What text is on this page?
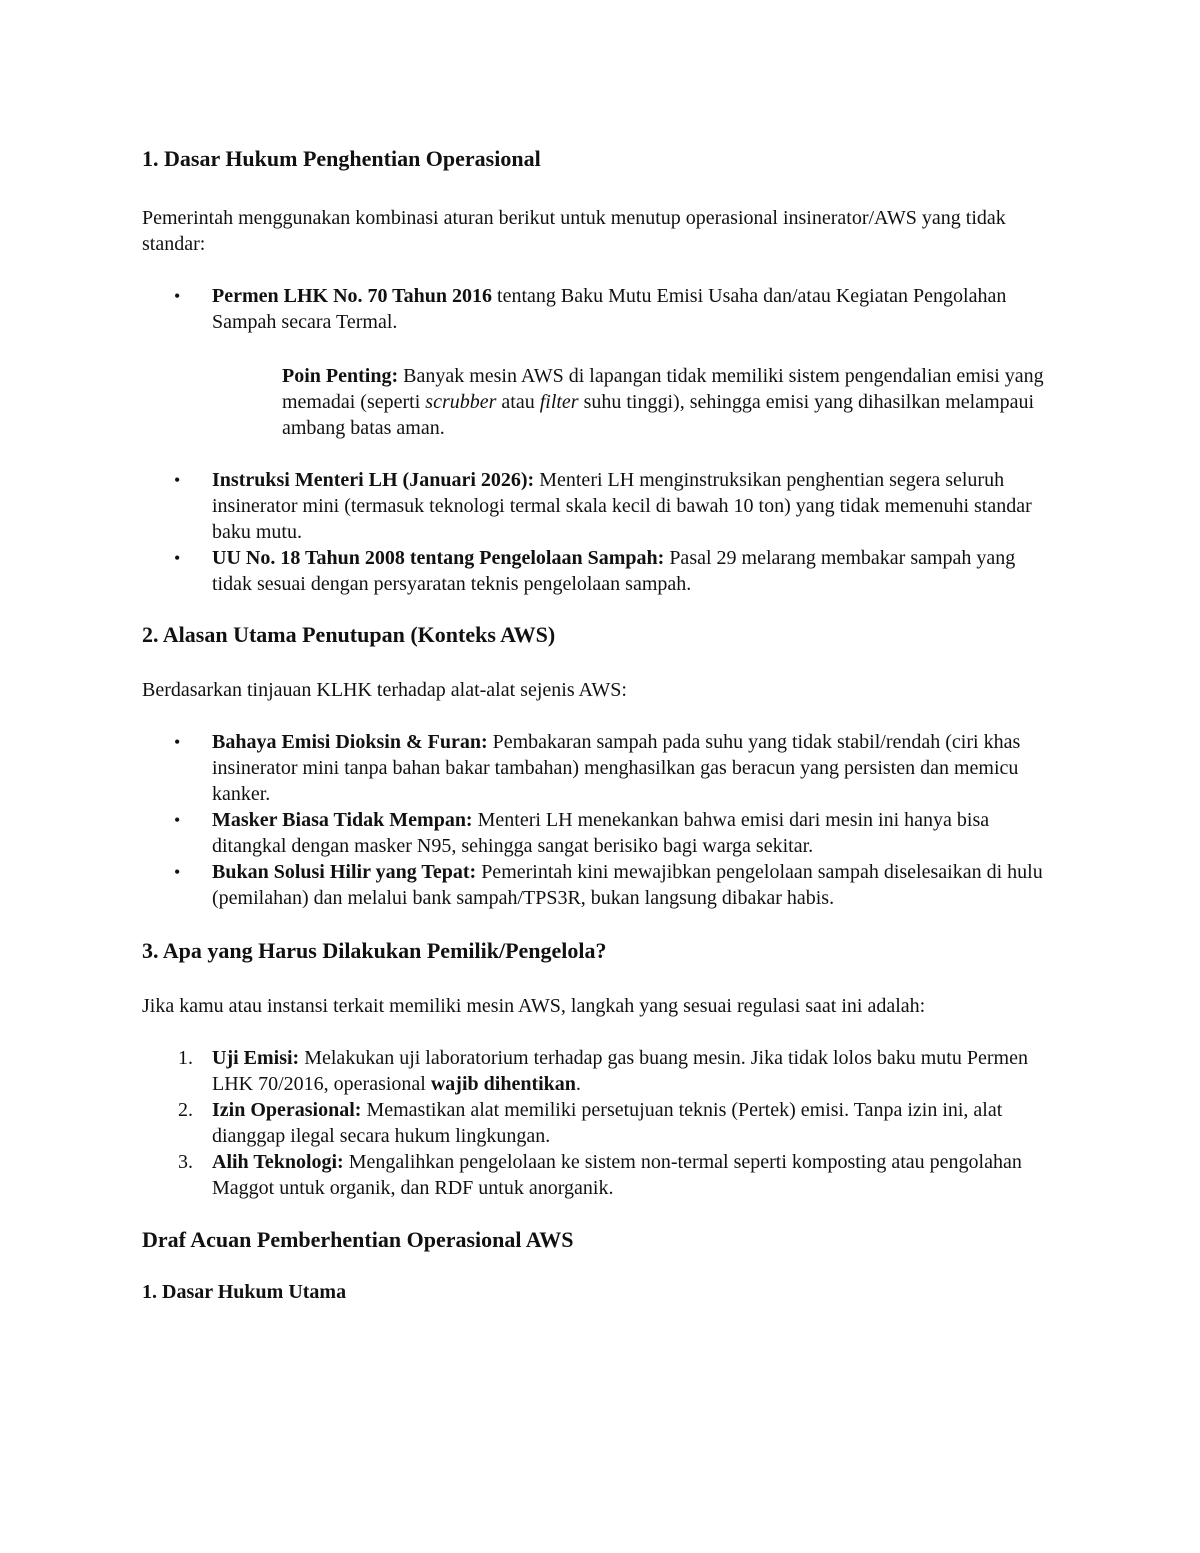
1. Dasar Hukum Penghentian Operasional

Pemerintah menggunakan kombinasi aturan berikut untuk menutup operasional insinerator/AWS yang tidak standar:

•	Permen LHK No. 70 Tahun 2016 tentang Baku Mutu Emisi Usaha dan/atau Kegiatan Pengolahan Sampah secara Termal.

Poin Penting: Banyak mesin AWS di lapangan tidak memiliki sistem pengendalian emisi yang memadai (seperti scrubber atau filter suhu tinggi), sehingga emisi yang dihasilkan melampaui ambang batas aman.

•	Instruksi Menteri LH (Januari 2026): Menteri LH menginstruksikan penghentian segera seluruh insinerator mini (termasuk teknologi termal skala kecil di bawah 10 ton) yang tidak memenuhi standar baku mutu.
•	UU No. 18 Tahun 2008 tentang Pengelolaan Sampah: Pasal 29 melarang membakar sampah yang tidak sesuai dengan persyaratan teknis pengelolaan sampah.
2. Alasan Utama Penutupan (Konteks AWS)

Berdasarkan tinjauan KLHK terhadap alat-alat sejenis AWS:

•	Bahaya Emisi Dioksin & Furan: Pembakaran sampah pada suhu yang tidak stabil/rendah (ciri khas insinerator mini tanpa bahan bakar tambahan) menghasilkan gas beracun yang persisten dan memicu kanker.
•	Masker Biasa Tidak Mempan: Menteri LH menekankan bahwa emisi dari mesin ini hanya bisa ditangkal dengan masker N95, sehingga sangat berisiko bagi warga sekitar.
•	Bukan Solusi Hilir yang Tepat: Pemerintah kini mewajibkan pengelolaan sampah diselesaikan di hulu (pemilahan) dan melalui bank sampah/TPS3R, bukan langsung dibakar habis.
3. Apa yang Harus Dilakukan Pemilik/Pengelola?

Jika kamu atau instansi terkait memiliki mesin AWS, langkah yang sesuai regulasi saat ini adalah:

1. Uji Emisi: Melakukan uji laboratorium terhadap gas buang mesin. Jika tidak lolos baku mutu Permen LHK 70/2016, operasional wajib dihentikan.
2. Izin Operasional: Memastikan alat memiliki persetujuan teknis (Pertek) emisi. Tanpa izin ini, alat dianggap ilegal secara hukum lingkungan.
3. Alih Teknologi: Mengalihkan pengelolaan ke sistem non-termal seperti komposting atau pengolahan Maggot untuk organik, dan RDF untuk anorganik.
Draf Acuan Pemberhentian Operasional AWS
1. Dasar Hukum Utama
